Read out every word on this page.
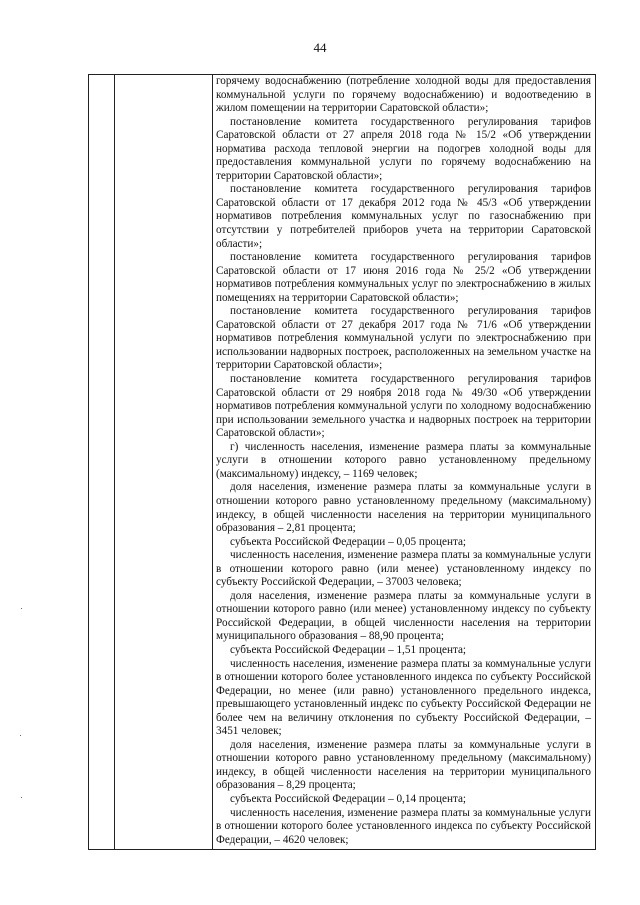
44

горячему водоснабжению (потребление холодной воды для предоставления коммунальной услуги по горячему водоснабжению) и водоотведению в жилом помещении на территории Саратовской области»;

постановление комитета государственного регулирования тарифов Саратовской области от 27 апреля 2018 года № 15/2 «Об утверждении норматива расхода тепловой энергии на подогрев холодной воды для предоставления коммунальной услуги по горячему водоснабжению на территории Саратовской области»;

постановление комитета государственного регулирования тарифов Саратовской области от 17 декабря 2012 года № 45/3 «Об утверждении нормативов потребления коммунальных услуг по газоснабжению при отсутствии у потребителей приборов учета на территории Саратовской области»;

постановление комитета государственного регулирования тарифов Саратовской области от 17 июня 2016 года № 25/2 «Об утверждении нормативов потребления коммунальных услуг по электроснабжению в жилых помещениях на территории Саратовской области»;

постановление комитета государственного регулирования тарифов Саратовской области от 27 декабря 2017 года № 71/6 «Об утверждении нормативов потребления коммунальной услуги по электроснабжению при использовании надворных построек, расположенных на земельном участке на территории Саратовской области»;

постановление комитета государственного регулирования тарифов Саратовской области от 29 ноября 2018 года № 49/30 «Об утверждении нормативов потребления коммунальной услуги по холодному водоснабжению при использовании земельного участка и надворных построек на территории Саратовской области»;

г) численность населения, изменение размера платы за коммунальные услуги в отношении которого равно установленному предельному (максимальному) индексу, – 1169 человек;

доля населения, изменение размера платы за коммунальные услуги в отношении которого равно установленному предельному (максимальному) индексу, в общей численности населения на территории муниципального образования – 2,81 процента;

субъекта Российской Федерации – 0,05 процента;

численность населения, изменение размера платы за коммунальные услуги в отношении которого равно (или менее) установленному индексу по субъекту Российской Федерации, – 37003 человека;

доля населения, изменение размера платы за коммунальные услуги в отношении которого равно (или менее) установленному индексу по субъекту Российской Федерации, в общей численности населения на территории муниципального образования – 88,90 процента;

субъекта Российской Федерации – 1,51 процента;

численность населения, изменение размера платы за коммунальные услуги в отношении которого более установленного индекса по субъекту Российской Федерации, но менее (или равно) установленного предельного индекса, превышающего установленный индекс по субъекту Российской Федерации не более чем на величину отклонения по субъекту Российской Федерации, – 3451 человек;

доля населения, изменение размера платы за коммунальные услуги в отношении которого равно установленному предельному (максимальному) индексу, в общей численности населения на территории муниципального образования – 8,29 процента;

субъекта Российской Федерации – 0,14 процента;

численность населения, изменение размера платы за коммунальные услуги в отношении которого более установленного индекса по субъекту Российской Федерации, – 4620 человек;
